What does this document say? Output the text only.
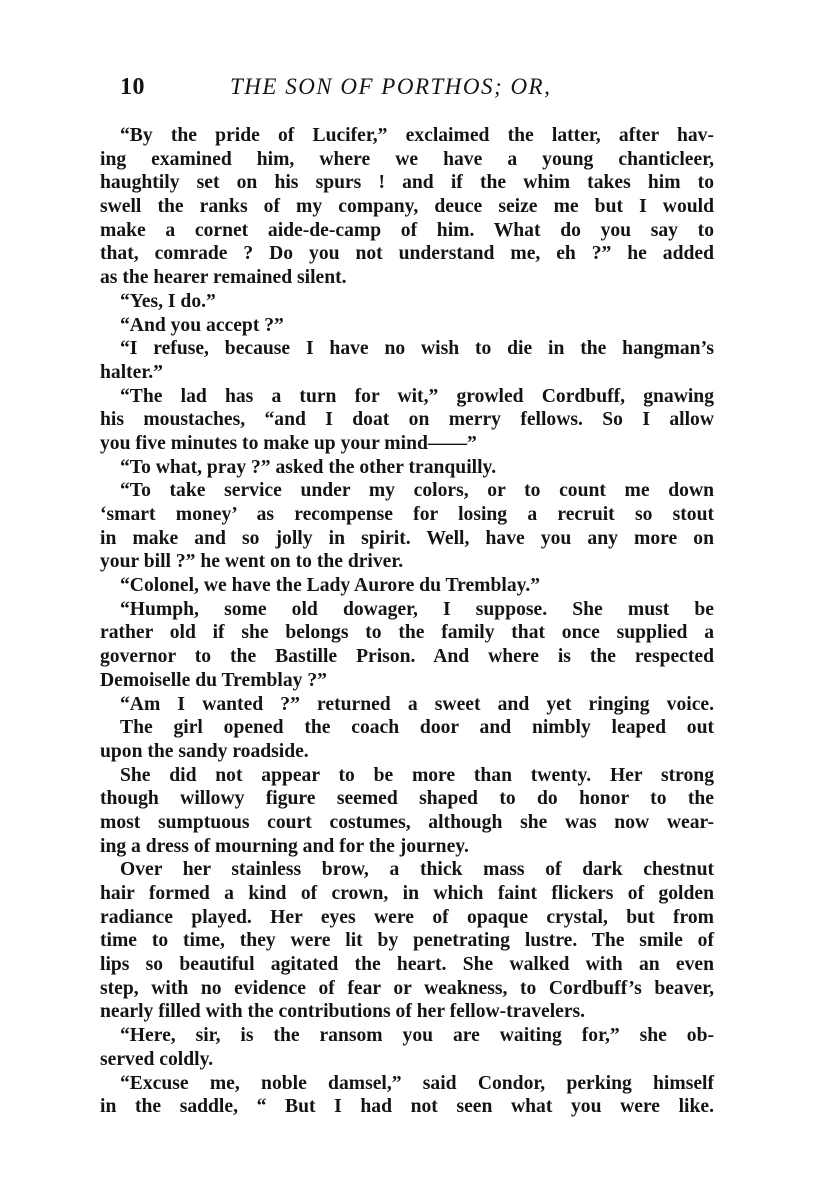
10	THE SON OF PORTHOS; OR,
“By the pride of Lucifer,” exclaimed the latter, after hav-
ing examined him, where we have a young chanticleer,
haughtily set on his spurs ! and if the whim takes him to
swell the ranks of my company, deuce seize me but I would
make a cornet aide-de-camp of him. What do you say to
that, comrade ? Do you not understand me, eh ?” he added
as the hearer remained silent.
“Yes, I do.”
“And you accept ?”
“I refuse, because I have no wish to die in the hangman’s
halter.”
“The lad has a turn for wit,” growled Cordbuff, gnawing
his moustaches, “and I doat on merry fellows. So I allow
you five minutes to make up your mind——”
“To what, pray ?” asked the other tranquilly.
“To take service under my colors, or to count me down
‘smart money’ as recompense for losing a recruit so stout
in make and so jolly in spirit. Well, have you any more on
your bill ?” he went on to the driver.
“Colonel, we have the Lady Aurore du Tremblay.”
“Humph, some old dowager, I suppose. She must be
rather old if she belongs to the family that once supplied a
governor to the Bastille Prison. And where is the respected
Demoiselle du Tremblay ?”
“Am I wanted ?” returned a sweet and yet ringing voice.
The girl opened the coach door and nimbly leaped out
upon the sandy roadside.
She did not appear to be more than twenty. Her strong
though willowy figure seemed shaped to do honor to the
most sumptuous court costumes, although she was now wear-
ing a dress of mourning and for the journey.
Over her stainless brow, a thick mass of dark chestnut
hair formed a kind of crown, in which faint flickers of golden
radiance played. Her eyes were of opaque crystal, but from
time to time, they were lit by penetrating lustre. The smile of
lips so beautiful agitated the heart. She walked with an even
step, with no evidence of fear or weakness, to Cordbuff’s beaver,
nearly filled with the contributions of her fellow-travelers.
“Here, sir, is the ransom you are waiting for,” she ob-
served coldly.
“Excuse me, noble damsel,” said Condor, perking himself
in the saddle, “ But I had not seen what you were like.
